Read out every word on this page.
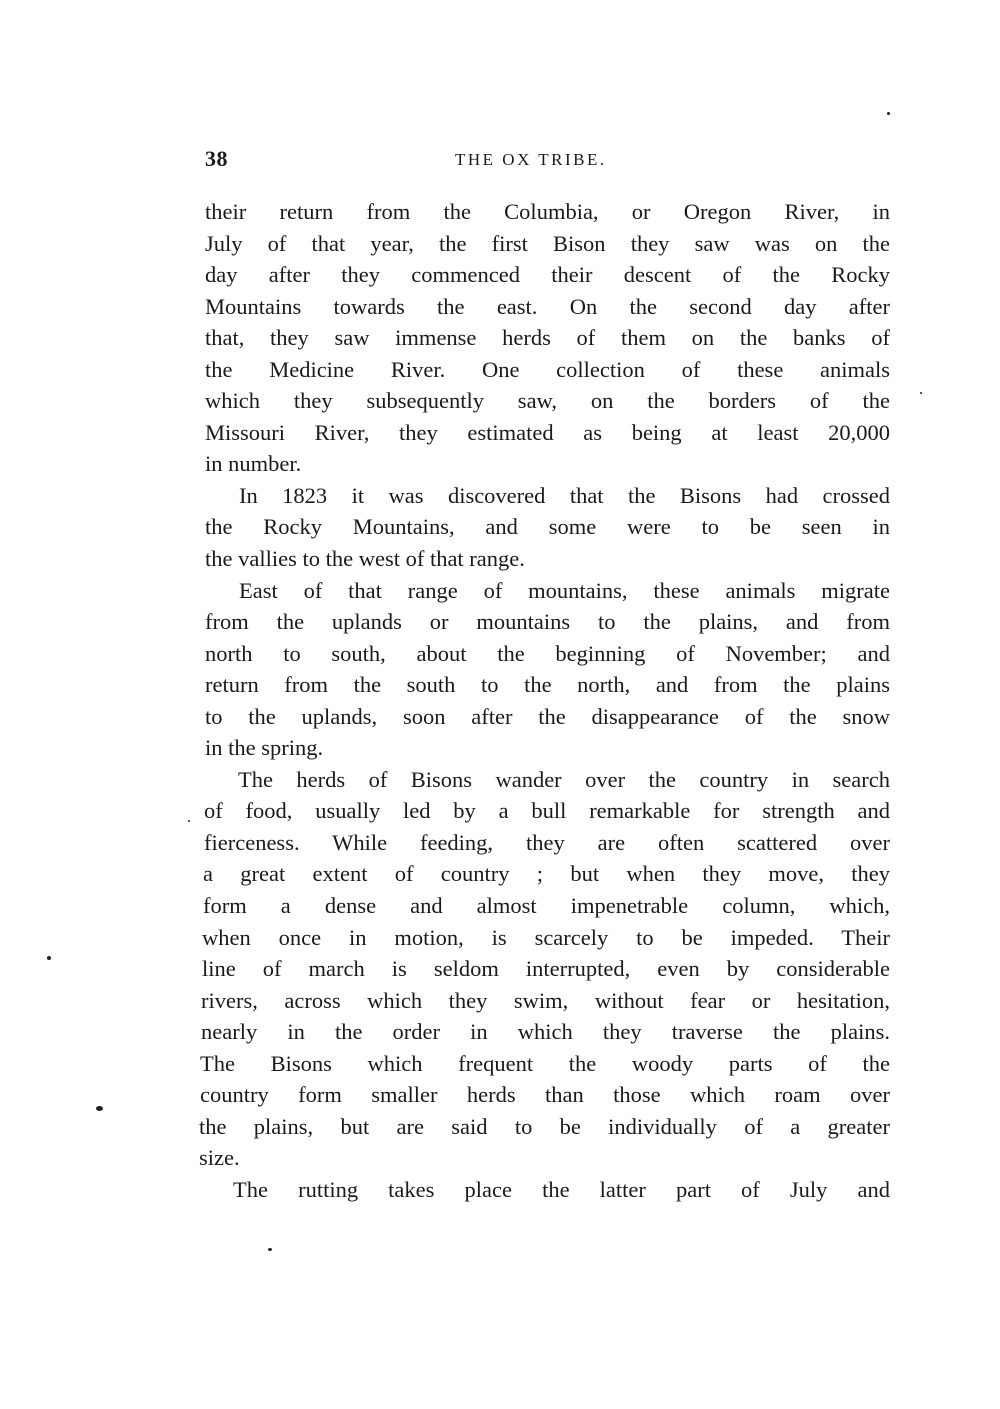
38	THE OX TRIBE.
their return from the Columbia, or Oregon River, in
July of that year, the first Bison they saw was on the
day after they commenced their descent of the Rocky
Mountains towards the east. On the second day after
that, they saw immense herds of them on the banks of
the Medicine River. One collection of these animals
which they subsequently saw, on the borders of the
Missouri River, they estimated as being at least 20,000
in number.
In 1823 it was discovered that the Bisons had crossed
the Rocky Mountains, and some were to be seen in
the vallies to the west of that range.
East of that range of mountains, these animals migrate
from the uplands or mountains to the plains, and from
north to south, about the beginning of November; and
return from the south to the north, and from the plains
to the uplands, soon after the disappearance of the snow
in the spring.
The herds of Bisons wander over the country in search
of food, usually led by a bull remarkable for strength and
fierceness. While feeding, they are often scattered over
a great extent of country ; but when they move, they
form a dense and almost impenetrable column, which,
when once in motion, is scarcely to be impeded. Their
line of march is seldom interrupted, even by considerable
rivers, across which they swim, without fear or hesitation,
nearly in the order in which they traverse the plains.
The Bisons which frequent the woody parts of the
country form smaller herds than those which roam over
the plains, but are said to be individually of a greater
size.
The rutting takes place the latter part of July and
